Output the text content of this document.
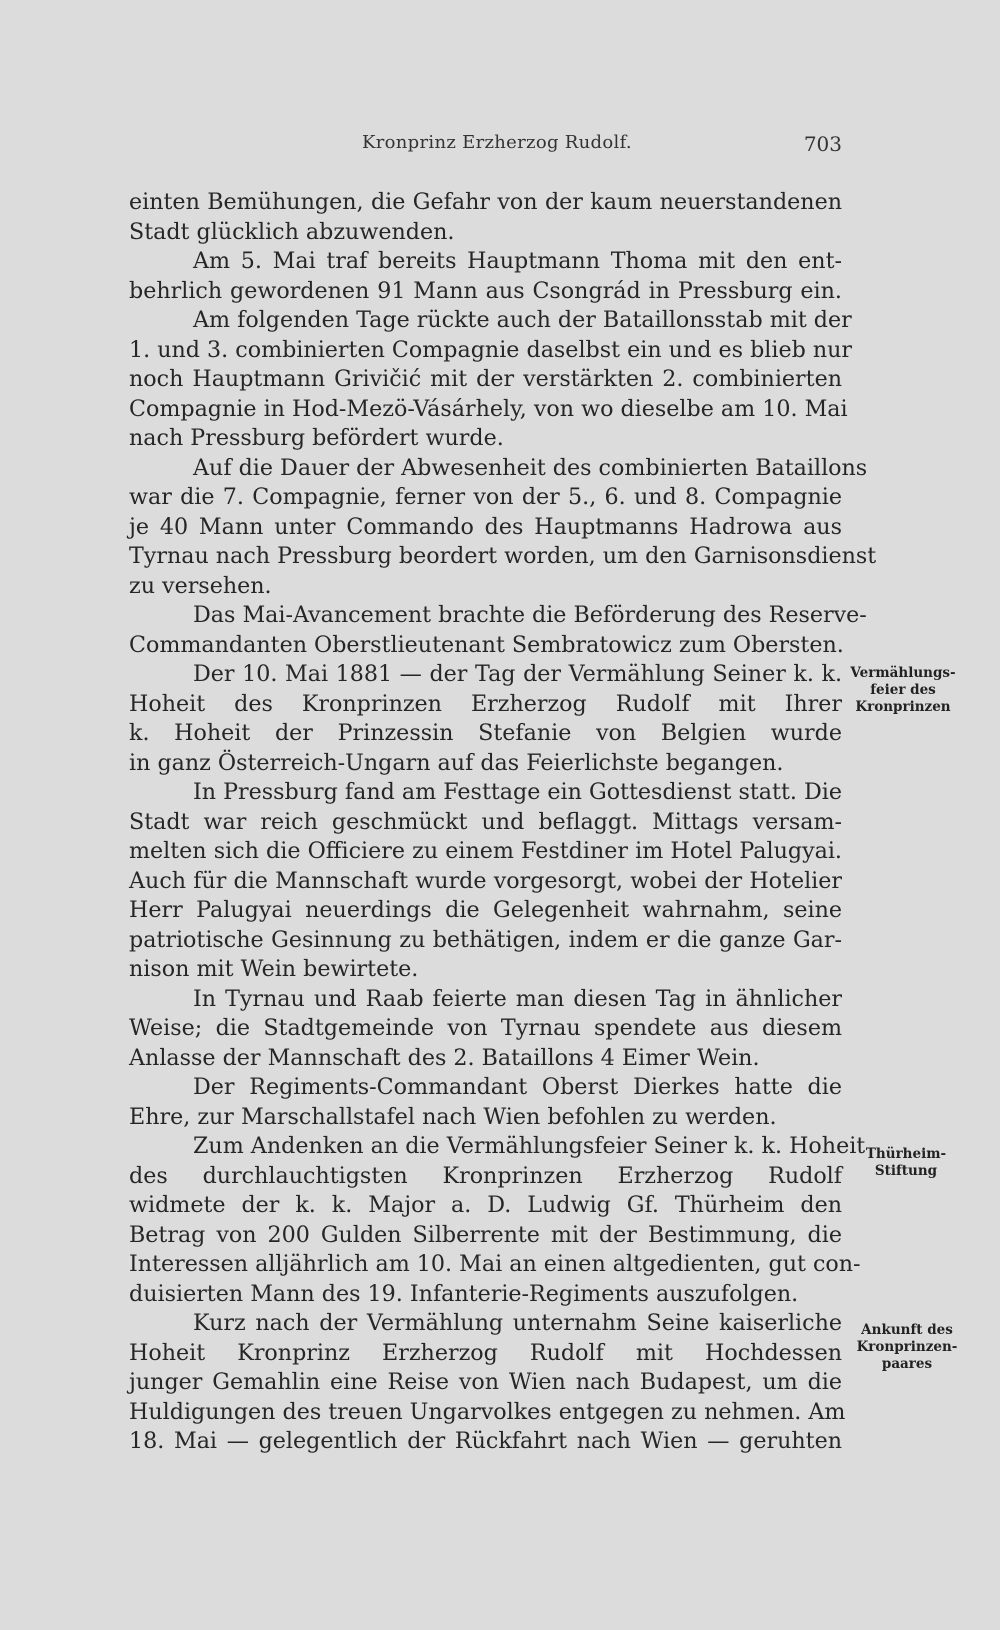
Kronprinz Erzherzog Rudolf.	703
einten Bemühungen, die Gefahr von der kaum neuerstandenen
Stadt glücklich abzuwenden.
Am 5. Mai traf bereits Hauptmann Thoma mit den ent-
behrlich gewordenen 91 Mann aus Csongrád in Pressburg ein.
Am folgenden Tage rückte auch der Bataillonsstab mit der
1. und 3. combinierten Compagnie daselbst ein und es blieb nur
noch Hauptmann Grivičić mit der verstärkten 2. combinierten
Compagnie in Hod-Mezö-Vásárhely, von wo dieselbe am 10. Mai
nach Pressburg befördert wurde.
Auf die Dauer der Abwesenheit des combinierten Bataillons
war die 7. Compagnie, ferner von der 5., 6. und 8. Compagnie
je 40 Mann unter Commando des Hauptmanns Hadrowa aus
Tyrnau nach Pressburg beordert worden, um den Garnisonsdienst
zu versehen.
Das Mai-Avancement brachte die Beförderung des Reserve-
Commandanten Oberstlieutenant Sembratowicz zum Obersten.
Der 10. Mai 1881 — der Tag der Vermählung Seiner k. k.
Hoheit des Kronprinzen Erzherzog Rudolf mit Ihrer
k. Hoheit der Prinzessin Stefanie von Belgien wurde
in ganz Österreich-Ungarn auf das Feierlichste begangen.
In Pressburg fand am Festtage ein Gottesdienst statt. Die
Stadt war reich geschmückt und beflaggt. Mittags versam-
melten sich die Officiere zu einem Festdiner im Hotel Palugyai.
Auch für die Mannschaft wurde vorgesorgt, wobei der Hotelier
Herr Palugyai neuerdings die Gelegenheit wahrnahm, seine
patriotische Gesinnung zu bethätigen, indem er die ganze Gar-
nison mit Wein bewirtete.
In Tyrnau und Raab feierte man diesen Tag in ähnlicher
Weise; die Stadtgemeinde von Tyrnau spendete aus diesem
Anlasse der Mannschaft des 2. Bataillons 4 Eimer Wein.
Der Regiments-Commandant Oberst Dierkes hatte die
Ehre, zur Marschallstafel nach Wien befohlen zu werden.
Zum Andenken an die Vermählungsfeier Seiner k. k. Hoheit
des durchlauchtigsten Kronprinzen Erzherzog Rudolf
widmete der k. k. Major a. D. Ludwig Gf. Thürheim den
Betrag von 200 Gulden Silberrente mit der Bestimmung, die
Interessen alljährlich am 10. Mai an einen altgedienten, gut con-
duisierten Mann des 19. Infanterie-Regiments auszufolgen.
Kurz nach der Vermählung unternahm Seine kaiserliche
Hoheit Kronprinz Erzherzog Rudolf mit Hochdessen
junger Gemahlin eine Reise von Wien nach Budapest, um die
Huldigungen des treuen Ungarvolkes entgegen zu nehmen. Am
18. Mai — gelegentlich der Rückfahrt nach Wien — geruhten
Vermählungs-
feier des
Kronprinzen
Thürheim-
Stiftung
Ankunft des
Kronprinzen-
paares
